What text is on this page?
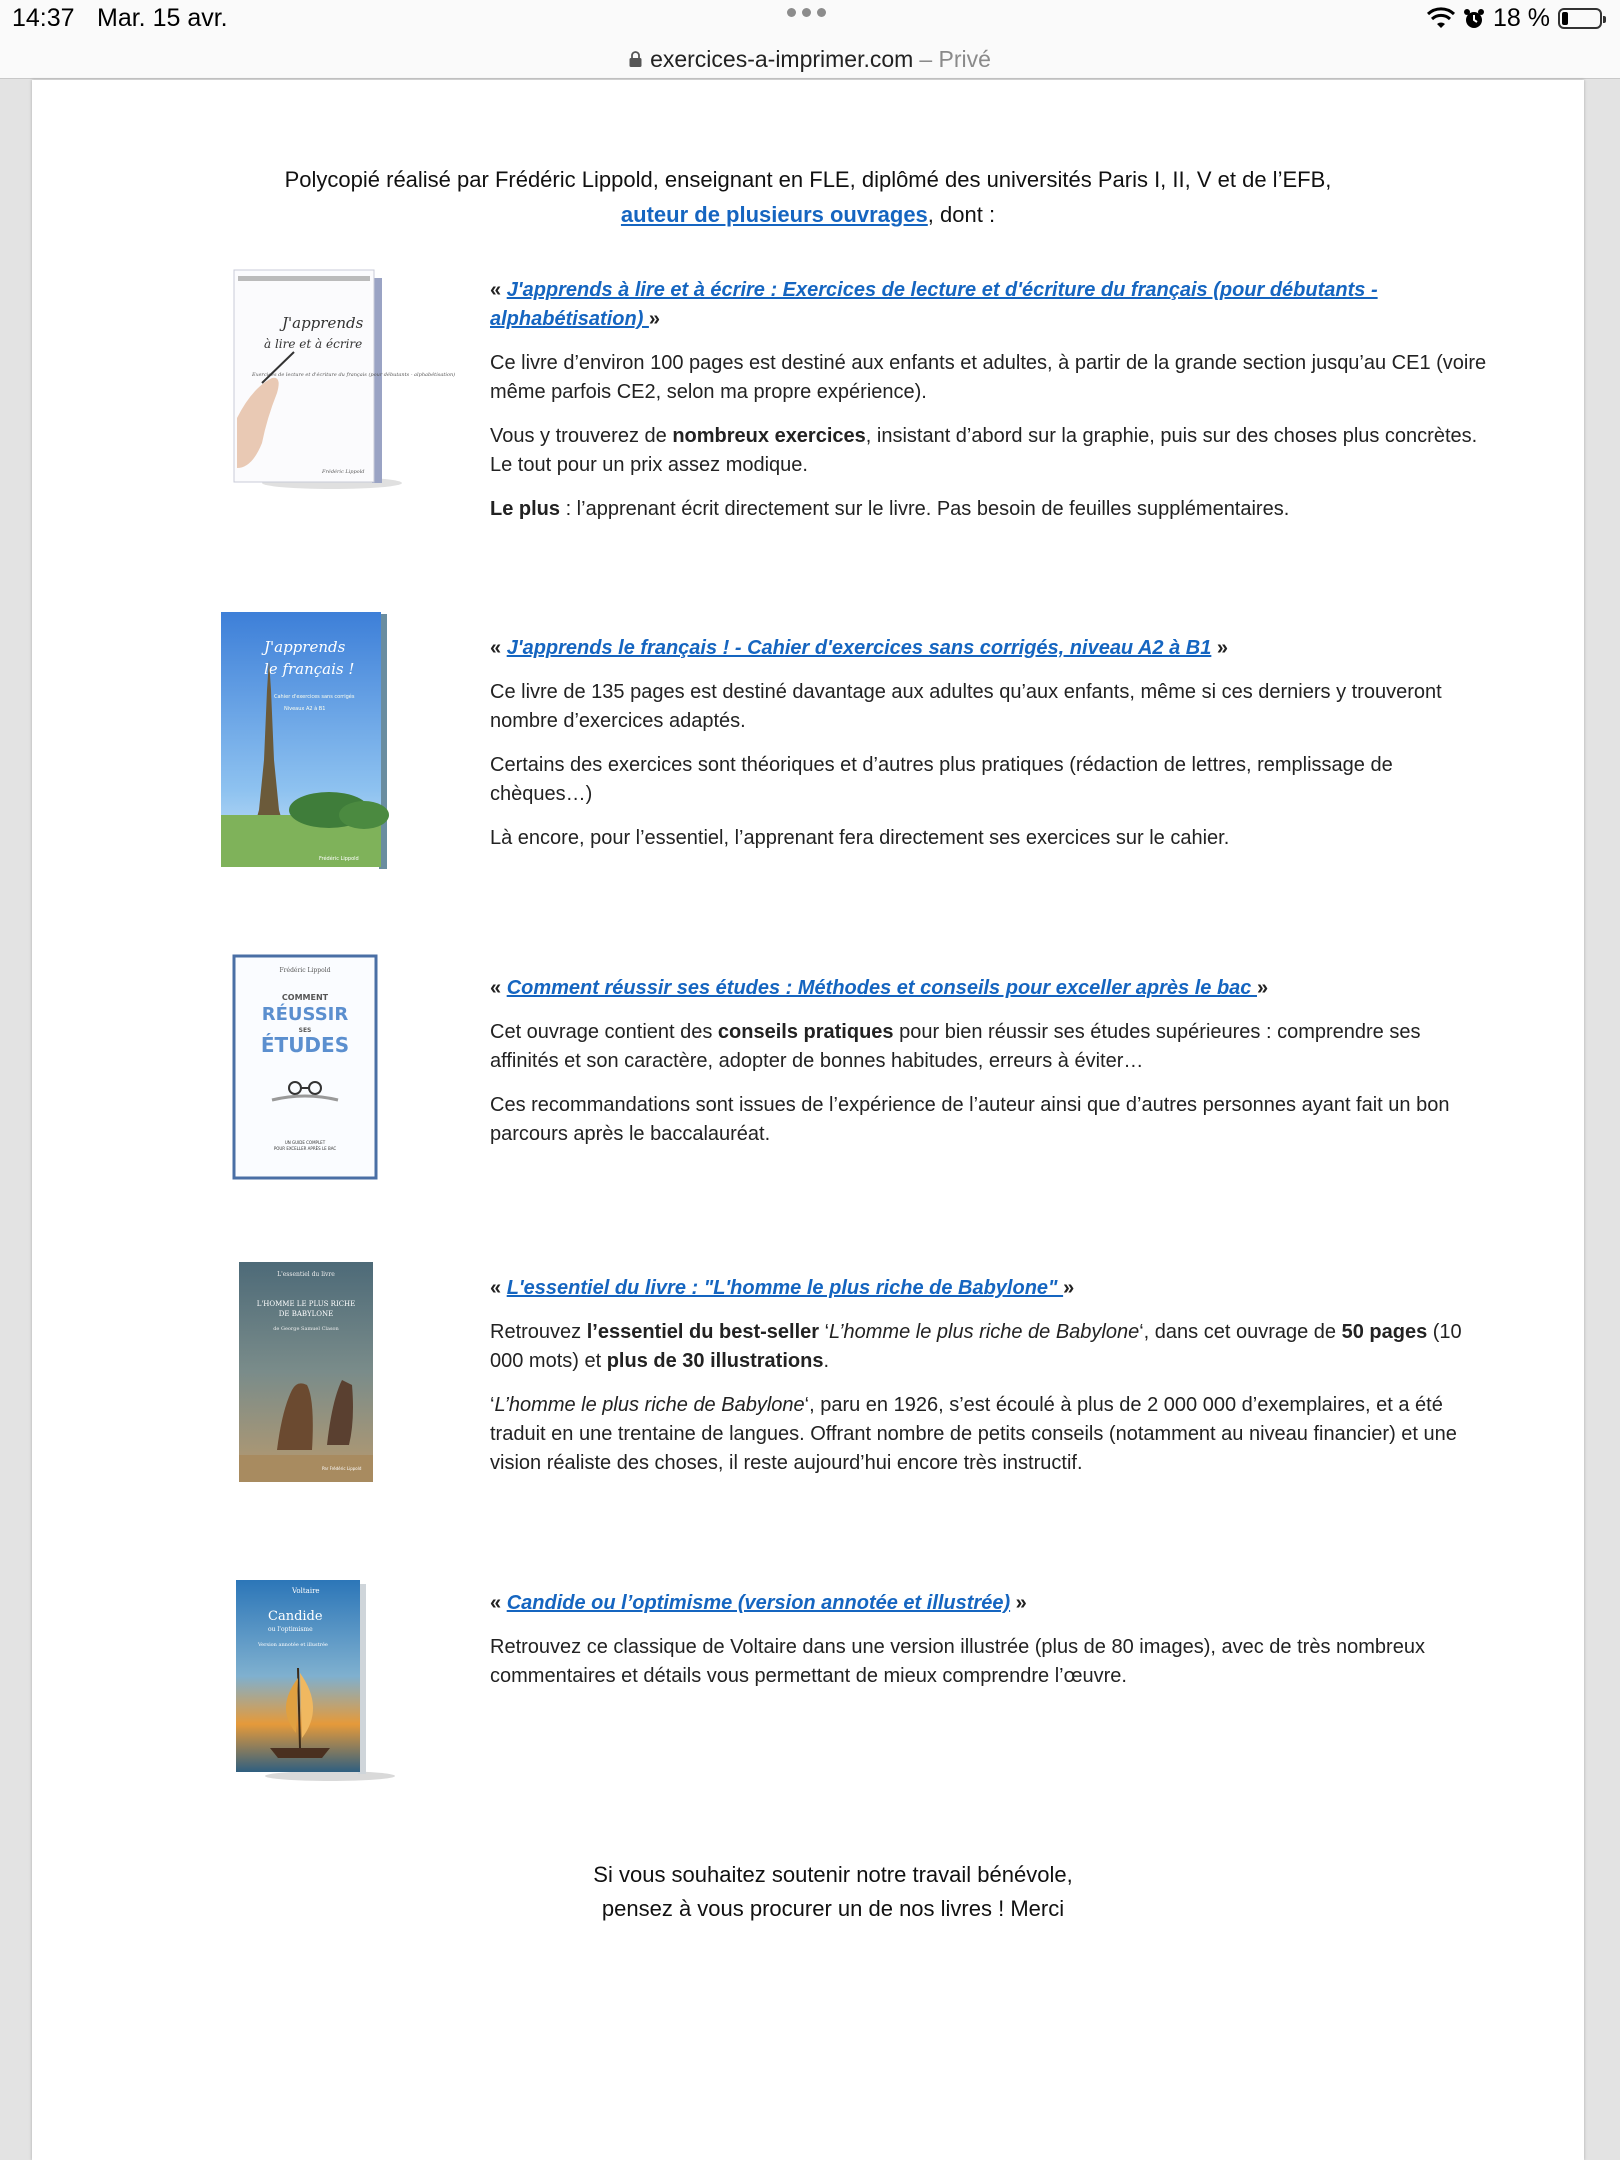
14:37 Mar. 15 avr.	18 %
exercices-a-imprimer.com – Privé
Polycopié réalisé par Frédéric Lippold, enseignant en FLE, diplômé des universités Paris I, II, V et de l’EFB,
auteur de plusieurs ouvrages, dont :
J'apprends
à lire et à écrire
Exercices de lecture et d'écriture du français (pour débutants - alphabétisation)
Frédéric Lippold

« J'apprends à lire et à écrire : Exercices de lecture et d'écriture du français (pour débutants - alphabétisation) »

Ce livre d’environ 100 pages est destiné aux enfants et adultes, à partir de la grande section jusqu’au CE1 (voire même parfois CE2, selon ma propre expérience).

Vous y trouverez de nombreux exercices, insistant d’abord sur la graphie, puis sur des choses plus concrètes. Le tout pour un prix assez modique.

Le plus : l’apprenant écrit directement sur le livre. Pas besoin de feuilles supplémentaires.

J'apprends
le français !
Cahier d'exercices sans corrigés
Niveaux A2 à B1
Frédéric Lippold

« J'apprends le français ! - Cahier d'exercices sans corrigés, niveau A2 à B1 »

Ce livre de 135 pages est destiné davantage aux adultes qu’aux enfants, même si ces derniers y trouveront nombre d’exercices adaptés.

Certains des exercices sont théoriques et d’autres plus pratiques (rédaction de lettres, remplissage de chèques…)

Là encore, pour l’essentiel, l’apprenant fera directement ses exercices sur le cahier.

Frédéric Lippold
COMMENT
RÉUSSIR
SES
ÉTUDES
UN GUIDE COMPLET
POUR EXCELLER APRÈS LE BAC

« Comment réussir ses études : Méthodes et conseils pour exceller après le bac »

Cet ouvrage contient des conseils pratiques pour bien réussir ses études supérieures : comprendre ses affinités et son caractère, adopter de bonnes habitudes, erreurs à éviter…

Ces recommandations sont issues de l’expérience de l’auteur ainsi que d’autres personnes ayant fait un bon parcours après le baccalauréat.

L'essentiel du livre
L'HOMME LE PLUS RICHE
DE BABYLONE
de George Samuel Clason
Par Frédéric Lippold

« L'essentiel du livre : "L'homme le plus riche de Babylone" »

Retrouvez l’essentiel du best-seller ‘L’homme le plus riche de Babylone‘, dans cet ouvrage de 50 pages (10 000 mots) et plus de 30 illustrations.

‘L’homme le plus riche de Babylone‘, paru en 1926, s’est écoulé à plus de 2 000 000 d’exemplaires, et a été traduit en une trentaine de langues. Offrant nombre de petits conseils (notamment au niveau financier) et une vision réaliste des choses, il reste aujourd’hui encore très instructif.

Voltaire
Candide
ou l'optimisme
Version annotée et illustrée

« Candide ou l’optimisme (version annotée et illustrée) »

Retrouvez ce classique de Voltaire dans une version illustrée (plus de 80 images), avec de très nombreux commentaires et détails vous permettant de mieux comprendre l’œuvre.

Si vous souhaitez soutenir notre travail bénévole,
pensez à vous procurer un de nos livres ! Merci
